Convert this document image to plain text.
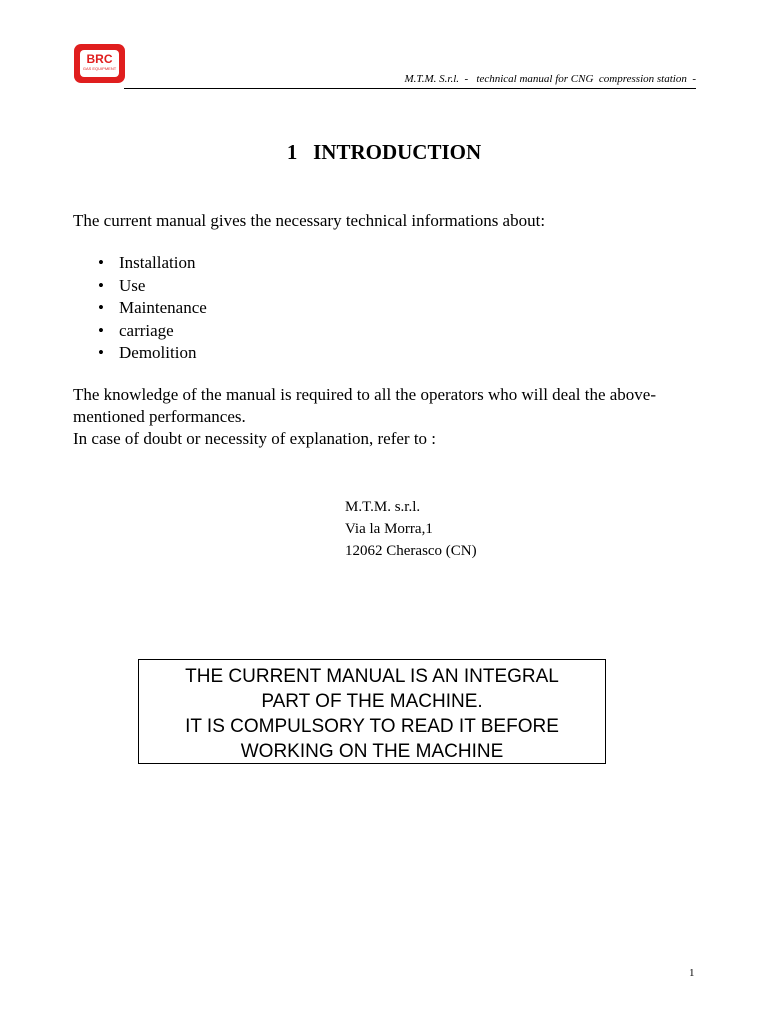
BRC
GAS EQUIPMENT
M.T.M. S.r.l.  -   technical manual for CNG  compression station  -
1   INTRODUCTION

The current manual gives the necessary technical informations about:

• Installation
• Use
• Maintenance
• carriage
• Demolition

The knowledge of the manual is required to all the operators who will deal the above-mentioned performances.

In case of doubt or necessity of explanation, refer to :

M.T.M. s.r.l.
Via la Morra,1
12062 Cherasco (CN)
THE CURRENT MANUAL IS AN INTEGRAL
PART OF THE MACHINE.
IT IS COMPULSORY TO READ IT BEFORE
WORKING ON THE MACHINE
1
